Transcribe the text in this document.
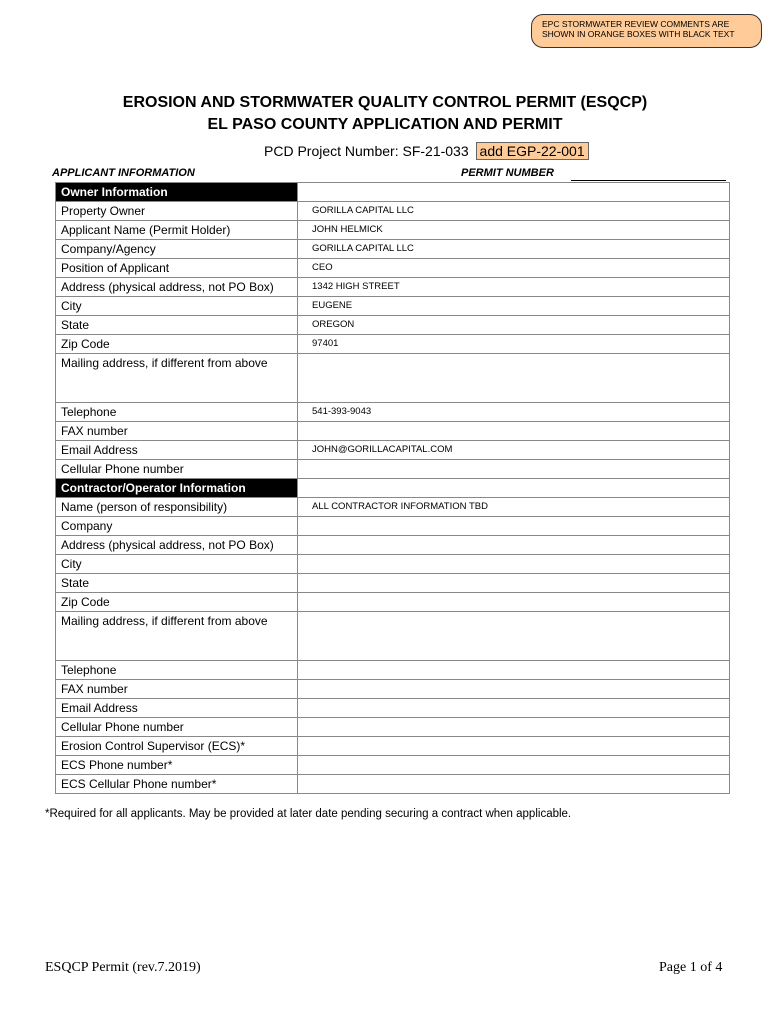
EPC STORMWATER REVIEW COMMENTS ARE
SHOWN IN ORANGE BOXES WITH BLACK TEXT
EROSION AND STORMWATER QUALITY CONTROL PERMIT (ESQCP)
EL PASO COUNTY APPLICATION AND PERMIT
PCD Project Number: SF-21-033 add EGP-22-001
APPLICANT INFORMATION	PERMIT NUMBER
Owner Information	
Property Owner	GORILLA CAPITAL LLC
Applicant Name (Permit Holder)	JOHN HELMICK
Company/Agency	GORILLA CAPITAL LLC
Position of Applicant	CEO
Address (physical address, not PO Box)	1342 HIGH STREET
City	EUGENE
State	OREGON
Zip Code	97401
Mailing address, if different from above	
Telephone	541-393-9043
FAX number	
Email Address	JOHN@GORILLACAPITAL.COM
Cellular Phone number	
Contractor/Operator Information	
Name (person of responsibility)	ALL CONTRACTOR INFORMATION TBD
Company	
Address (physical address, not PO Box)	
City	
State	
Zip Code	
Mailing address, if different from above	
Telephone	
FAX number	
Email Address	
Cellular Phone number	
Erosion Control Supervisor (ECS)*	
ECS Phone number*	
ECS Cellular Phone number*	
*Required for all applicants. May be provided at later date pending securing a contract when applicable.
ESQCP Permit (rev.7.2019)	Page 1 of 4
